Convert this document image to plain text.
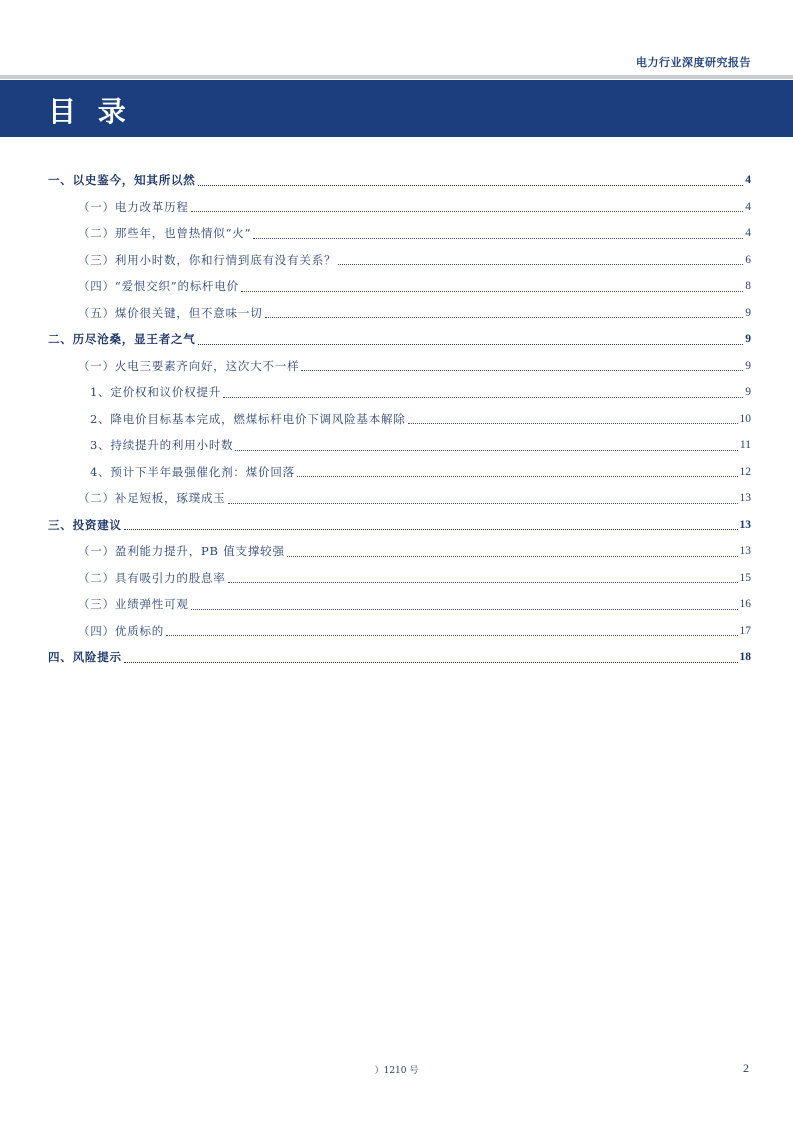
电力行业深度研究报告
目 录
一、以史鉴今，知其所以然	4
（一）电力改革历程	4
（二）那些年，也曾热情似“火”	4
（三）利用小时数，你和行情到底有没有关系？	6
（四）“爱恨交织”的标杆电价	8
（五）煤价很关键，但不意味一切	9
二、历尽沧桑，显王者之气	9
（一）火电三要素齐向好，这次大不一样	9
1、定价权和议价权提升	9
2、降电价目标基本完成，燃煤标杆电价下调风险基本解除	10
3、持续提升的利用小时数	11
4、预计下半年最强催化剂：煤价回落	12
（二）补足短板，琢璞成玉	13
三、投资建议	13
（一）盈利能力提升，PB 值支撑较强	13
（二）具有吸引力的股息率	15
（三）业绩弹性可观	16
（四）优质标的	17
四、风险提示	18
）1210 号	2
